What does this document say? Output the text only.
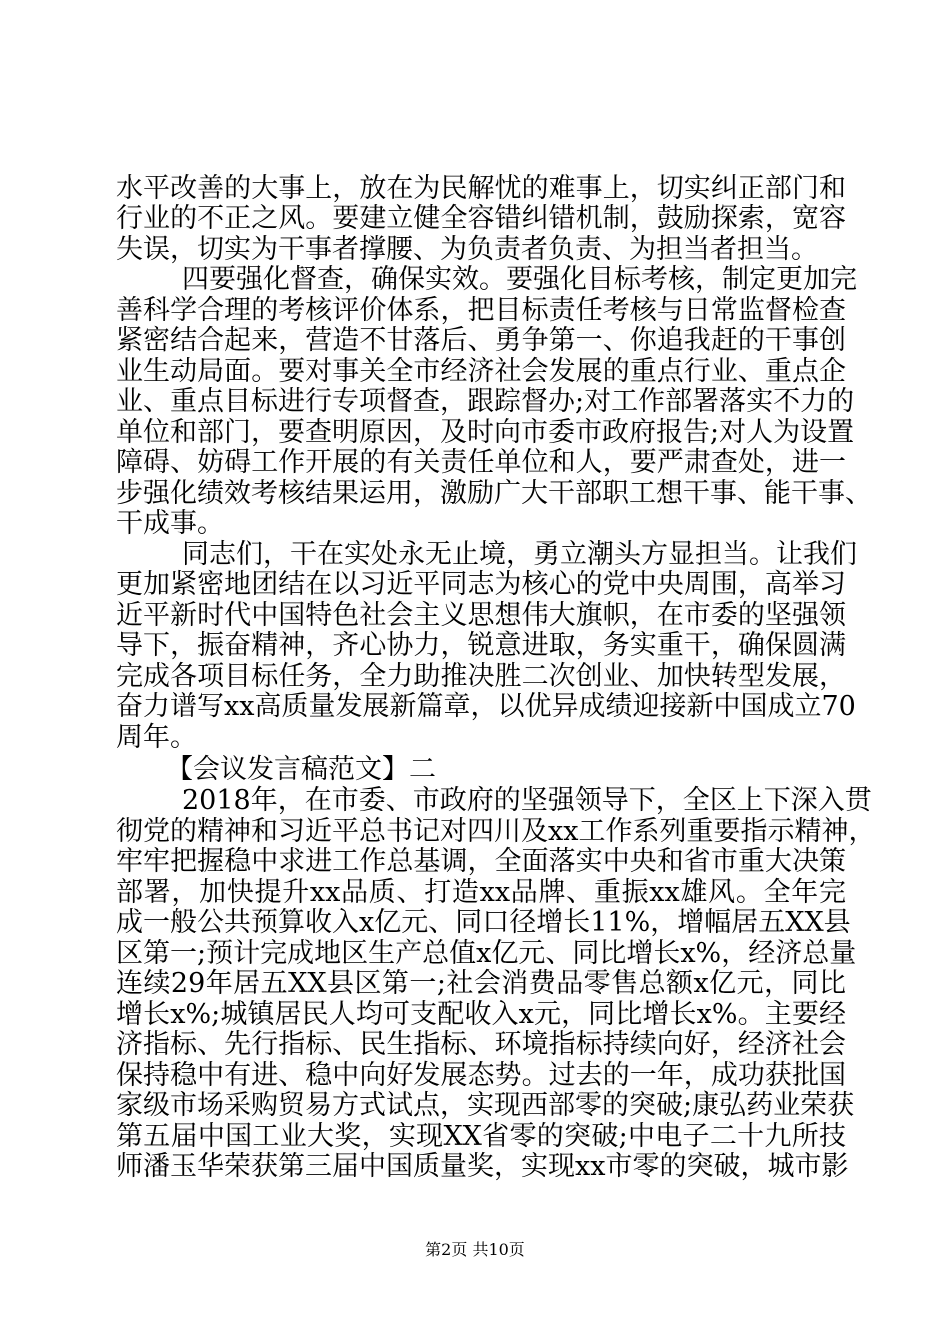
水平改善的大事上，放在为民解忧的难事上，切实纠正部门和
行业的不正之风。要建立健全容错纠错机制，鼓励探索，宽容
失误，切实为干事者撑腰、为负责者负责、为担当者担当。
四要强化督查，确保实效。要强化目标考核，制定更加完
善科学合理的考核评价体系，把目标责任考核与日常监督检查
紧密结合起来，营造不甘落后、勇争第一、你追我赶的干事创
业生动局面。要对事关全市经济社会发展的重点行业、重点企
业、重点目标进行专项督查，跟踪督办;对工作部署落实不力的
单位和部门，要查明原因，及时向市委市政府报告;对人为设置
障碍、妨碍工作开展的有关责任单位和人，要严肃查处，进一
步强化绩效考核结果运用，激励广大干部职工想干事、能干事、
干成事。
同志们，干在实处永无止境，勇立潮头方显担当。让我们
更加紧密地团结在以习近平同志为核心的党中央周围，高举习
近平新时代中国特色社会主义思想伟大旗帜，在市委的坚强领
导下，振奋精神，齐心协力，锐意进取，务实重干，确保圆满
完成各项目标任务，全力助推决胜二次创业、加快转型发展，
奋力谱写xx高质量发展新篇章，以优异成绩迎接新中国成立70
周年。
【会议发言稿范文】二
2018年，在市委、市政府的坚强领导下，全区上下深入贯
彻党的精神和习近平总书记对四川及xx工作系列重要指示精神，
牢牢把握稳中求进工作总基调，全面落实中央和省市重大决策
部署，加快提升xx品质、打造xx品牌、重振xx雄风。全年完
成一般公共预算收入x亿元、同口径增长11%，增幅居五XX县
区第一;预计完成地区生产总值x亿元、同比增长x%，经济总量
连续29年居五XX县区第一;社会消费品零售总额x亿元，同比
增长x%;城镇居民人均可支配收入x元，同比增长x%。主要经
济指标、先行指标、民生指标、环境指标持续向好，经济社会
保持稳中有进、稳中向好发展态势。过去的一年，成功获批国
家级市场采购贸易方式试点，实现西部零的突破;康弘药业荣获
第五届中国工业大奖，实现XX省零的突破;中电子二十九所技
师潘玉华荣获第三届中国质量奖，实现xx市零的突破，城市影
第2页 共10页
